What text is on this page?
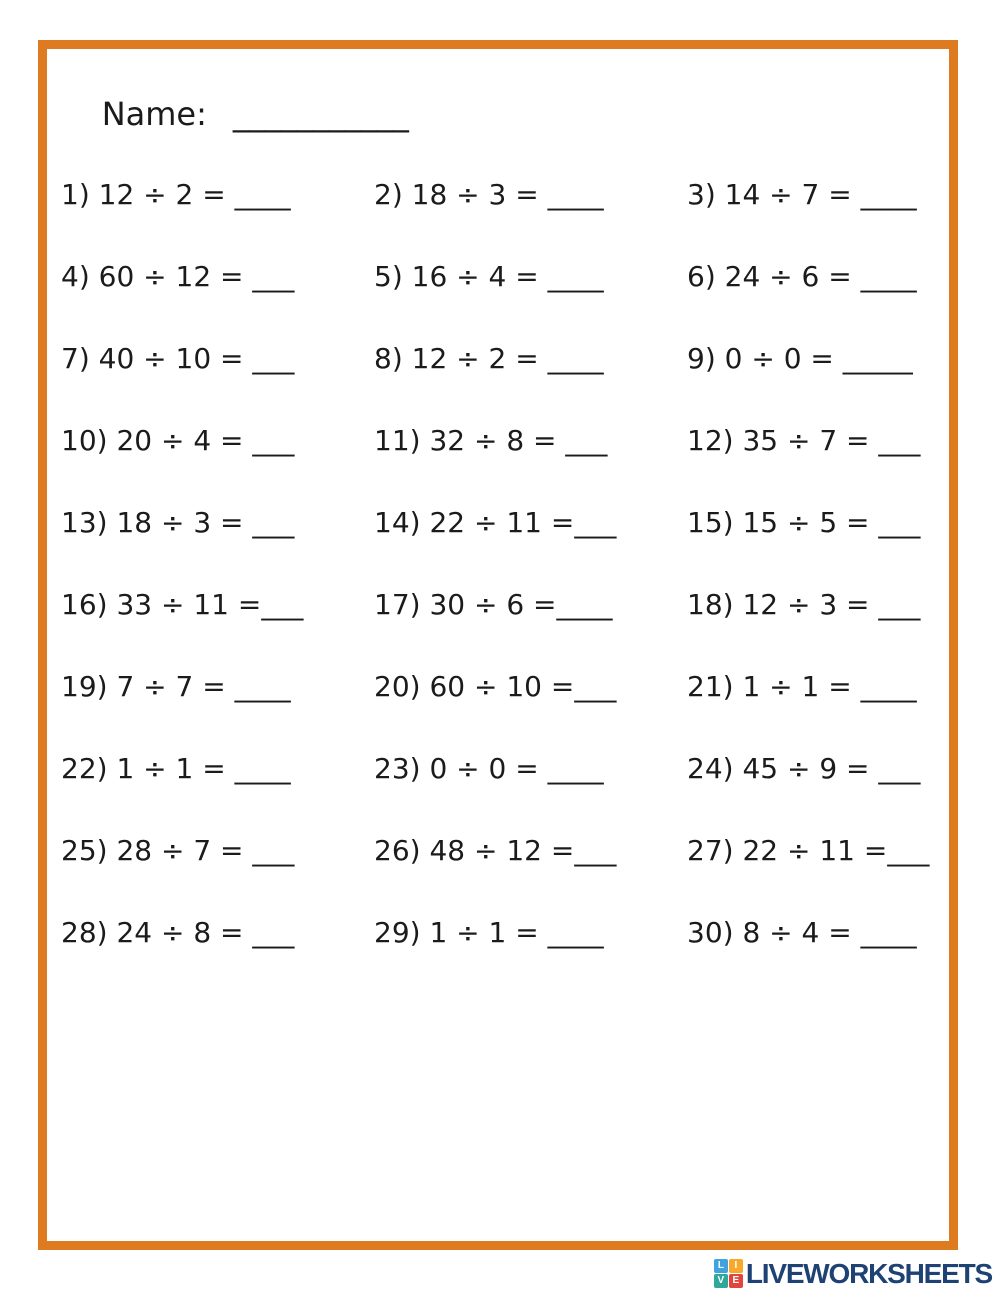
Name: ___________

1) 12 ÷ 2 = ____	2) 18 ÷ 3 = ____	3) 14 ÷ 7 = ____
4) 60 ÷ 12 = ___	5) 16 ÷ 4 = ____	6) 24 ÷ 6 = ____
7) 40 ÷ 10 = ___	8) 12 ÷ 2 = ____	9) 0 ÷ 0 = _____
10) 20 ÷ 4 = ___	11) 32 ÷ 8 = ___	12) 35 ÷ 7 = ___
13) 18 ÷ 3 = ___	14) 22 ÷ 11 =___	15) 15 ÷ 5 = ___
16) 33 ÷ 11 =___	17) 30 ÷ 6 =____	18) 12 ÷ 3 = ___
19) 7 ÷ 7 = ____	20) 60 ÷ 10 =___	21) 1 ÷ 1 = ____
22) 1 ÷ 1 = ____	23) 0 ÷ 0 = ____	24) 45 ÷ 9 = ___
25) 28 ÷ 7 = ___	26) 48 ÷ 12 =___	27) 22 ÷ 11 =___
28) 24 ÷ 8 = ___	29) 1 ÷ 1 = ____	30) 8 ÷ 4 = ____
L	I
V E LIVEWORKSHEETS
